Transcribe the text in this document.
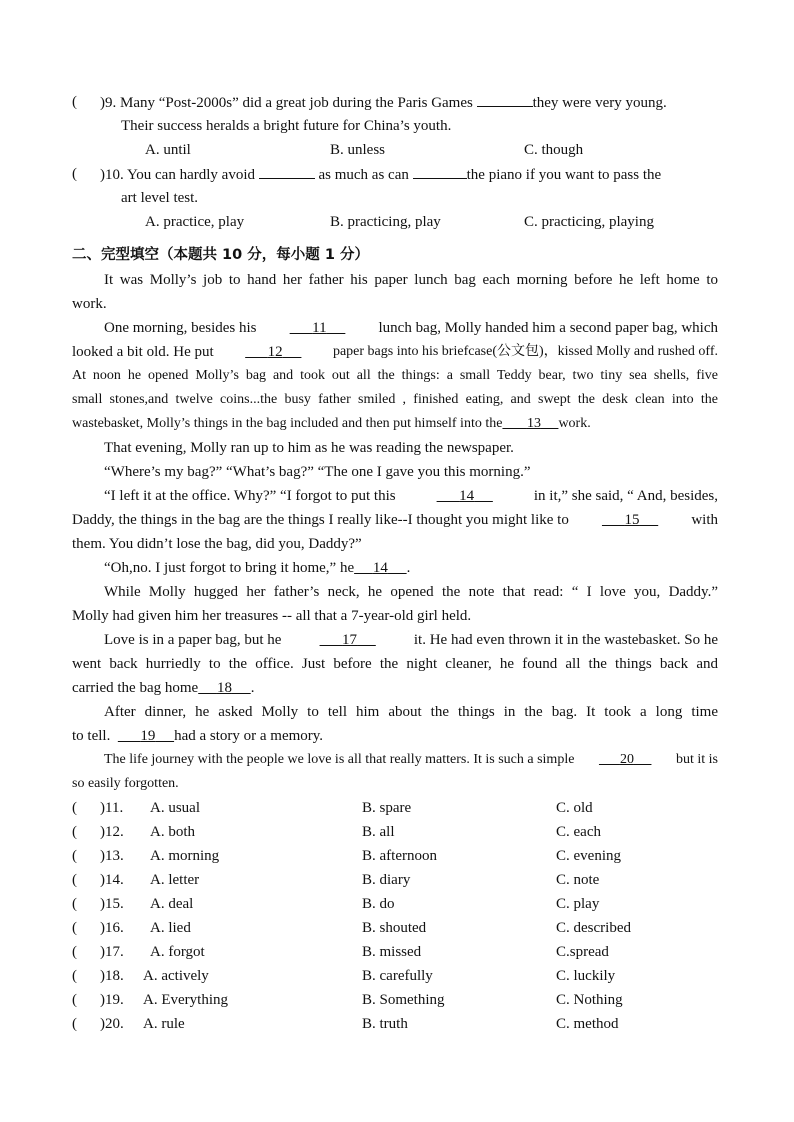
( )9. Many “Post-2000s” did a great job during the Paris Games	they were very young.
Their success heralds a bright future for China’s youth.
A. until	B. unless	C. though
( )10. You can hardly avoid	as much as can	the piano if you want to pass the
art level test.
A. practice, play	B. practicing, play	C. practicing, playing
二、完型填空（本题共 10 分，每小题 1 分）
It was Molly’s job to hand her father his paper lunch bag each morning before he left home to
work.
One morning, besides his	11	lunch bag, Molly handed him a second paper bag, which
looked a bit old. He put	12	paper bags into his briefcase(公文包)，kissed Molly and rushed off.
At noon he opened Molly’s bag and took out all the things: a small Teddy bear, two tiny sea shells, five
small stones,and twelve coins...the busy father smiled , finished eating, and swept the desk clean into the
wastebasket, Molly’s things in the bag included and then put himself into the 13 work.
That evening, Molly ran up to him as he was reading the newspaper.
“Where’s my bag?” “What’s bag?” “The one I gave you this morning.”
“I left it at the office. Why?” “I forgot to put this	14	in it,” she said, “ And, besides,
Daddy, the things in the bag are the things I really like--I thought you might like to	15	with
them. You didn’t lose the bag, did you, Daddy?”
“Oh,no. I just forgot to bring it home,” he 14 .
While Molly hugged her father’s neck, he opened the note that read: “ I love you, Daddy.”
Molly had given him her treasures -- all that a 7-year-old girl held.
Love is in a paper bag, but he	17	it. He had even thrown it in the wastebasket. So he
went back hurriedly to the office. Just before the night cleaner, he found all the things back and
carried the bag home 18 .
After dinner, he asked Molly to tell him about the things in the bag. It took a long time
to tell. 19 had a story or a memory.
The life journey with the people we love is all that really matters. It is such a simple	20	but it is
so easily forgotten.
( )11. A. usual	B. spare	C. old
( )12. A. both	B. all	C. each
( )13. A. morning	B. afternoon	C. evening
( )14. A. letter	B. diary	C. note
( )15. A. deal	B. do	C. play
( )16. A. lied	B. shouted	C. described
( )17. A. forgot	B. missed	C.spread
( )18. A. actively	B. carefully	C. luckily
( )19. A. Everything	B. Something	C. Nothing
( )20. A. rule	B. truth	C. method
